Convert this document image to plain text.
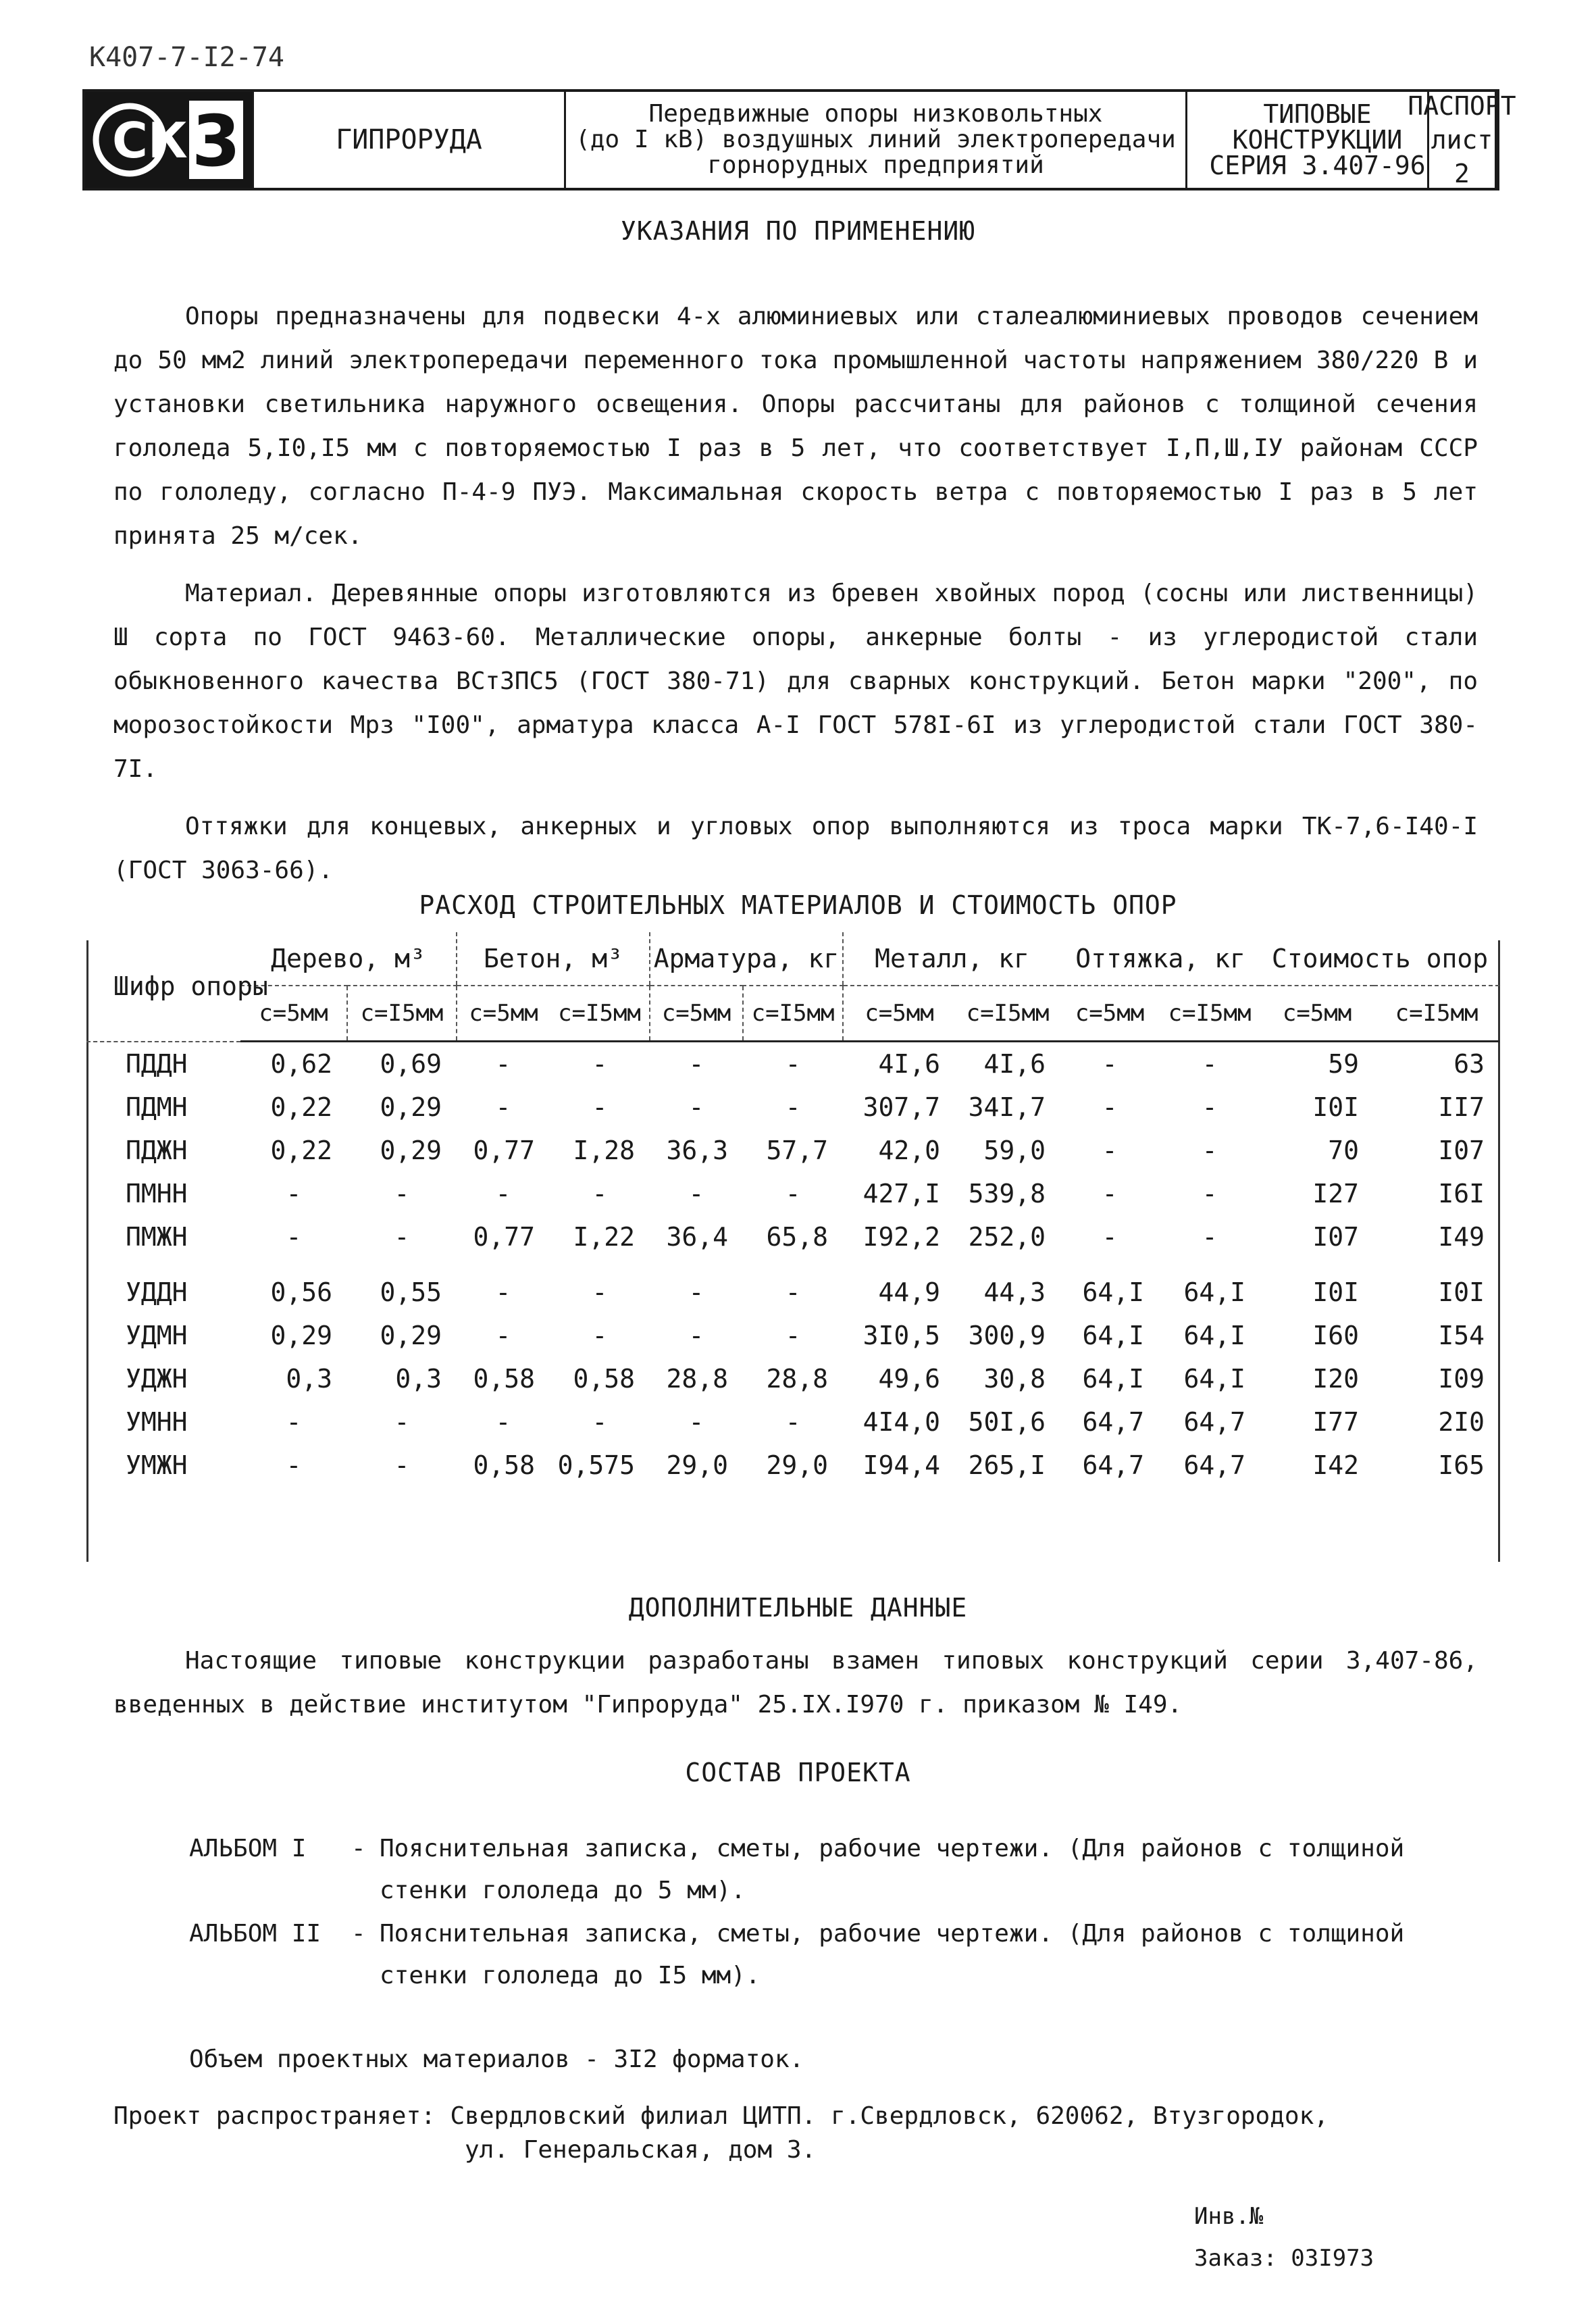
К407-7-I2-74
СК 3	ГИПРОРУДА
Передвижные опоры низковольтных
(до I кВ) воздушных линий электропередачи
горнорудных предприятий
ТИПОВЫЕ
КОНСТРУКЦИИ
СЕРИЯ 3.407-96
ПАСПОРТ
лист 2
УКАЗАНИЯ ПО ПРИМЕНЕНИЮ

Опоры предназначены для подвески 4-х алюминиевых или сталеалюминиевых проводов сечением до 50 мм2 линий электропередачи переменного тока промышленной частоты напряжением 380/220 В и установки светильника наружного освещения. Опоры рассчитаны для районов с толщиной сечения гололеда 5,I0,I5 мм с повторяемостью I раз в 5 лет, что соответствует I,П,Ш,IУ районам СССР по гололеду, согласно П-4-9 ПУЭ. Максимальная скорость ветра с повторяемостью I раз в 5 лет принята 25 м/сек.

Материал. Деревянные опоры изготовляются из бревен хвойных пород (сосны или лиственницы) Ш сорта по ГОСТ 9463-60. Металлические опоры, анкерные болты - из углеродистой стали обыкновенного качества ВСтЗПС5 (ГОСТ 380-71) для сварных конструкций. Бетон марки "200", по морозостойкости Мрз "I00", арматура класса А-I ГОСТ 578I-6I из углеродистой стали ГОСТ 380-7I.

Оттяжки для концевых, анкерных и угловых опор выполняются из троса марки ТК-7,6-I40-I (ГОСТ 3063-66).

РАСХОД СТРОИТЕЛЬНЫХ МАТЕРИАЛОВ И СТОИМОСТЬ ОПОР
Шифр опоры	Дерево, м³		Бетон, м³		Арматура, кг		Металл, кг		Оттяжка, кг		Стоимость опор	
	c=5мм	c=I5мм	c=5мм	c=I5мм	c=5мм	c=I5мм	c=5мм	c=I5мм	c=5мм	c=I5мм	c=5мм	c=I5мм
ПДДН	0,62	0,69	-	-	-	-	4I,6	4I,6	-	-	59	63
ПДМН	0,22	0,29	-	-	-	-	307,7	34I,7	-	-	I0I	II7
ПДЖН	0,22	0,29	0,77	I,28	36,3	57,7	42,0	59,0	-	-	70	I07
ПМНН	-	-	-	-	-	-	427,I	539,8	-	-	I27	I6I
ПМЖН	-	-	0,77	I,22	36,4	65,8	I92,2	252,0	-	-	I07	I49
УДДН	0,56	0,55	-	-	-	-	44,9	44,3	64,I	64,I	I0I	I0I
УДМН	0,29	0,29	-	-	-	-	3I0,5	300,9	64,I	64,I	I60	I54
УДЖН	0,3	0,3	0,58	0,58	28,8	28,8	49,6	30,8	64,I	64,I	I20	I09
УМНН	-	-	-	-	-	-	4I4,0	50I,6	64,7	64,7	I77	2I0
УМЖН	-	-	0,58	0,575	29,0	29,0	I94,4	265,I	64,7	64,7	I42	I65
ДОПОЛНИТЕЛЬНЫЕ ДАННЫЕ

Настоящие типовые конструкции разработаны взамен типовых конструкций серии 3,407-86, введенных в действие институтом "Гипроруда" 25.IX.I970 г. приказом № I49.

СОСТАВ ПРОЕКТА
АЛЬБОМ I	- Пояснительная записка, сметы, рабочие чертежи. (Для районов с толщиной стенки гололеда до 5 мм).
АЛЬБОМ II	- Пояснительная записка, сметы, рабочие чертежи. (Для районов с толщиной стенки гололеда до I5 мм).
Объем проектных материалов - 3I2 форматок.
Проект распространяет: Свердловский филиал ЦИТП. г.Свердловск, 620062, Втузгородок,
ул. Генеральская, дом 3.
Инв.№
Заказ: 03I973
